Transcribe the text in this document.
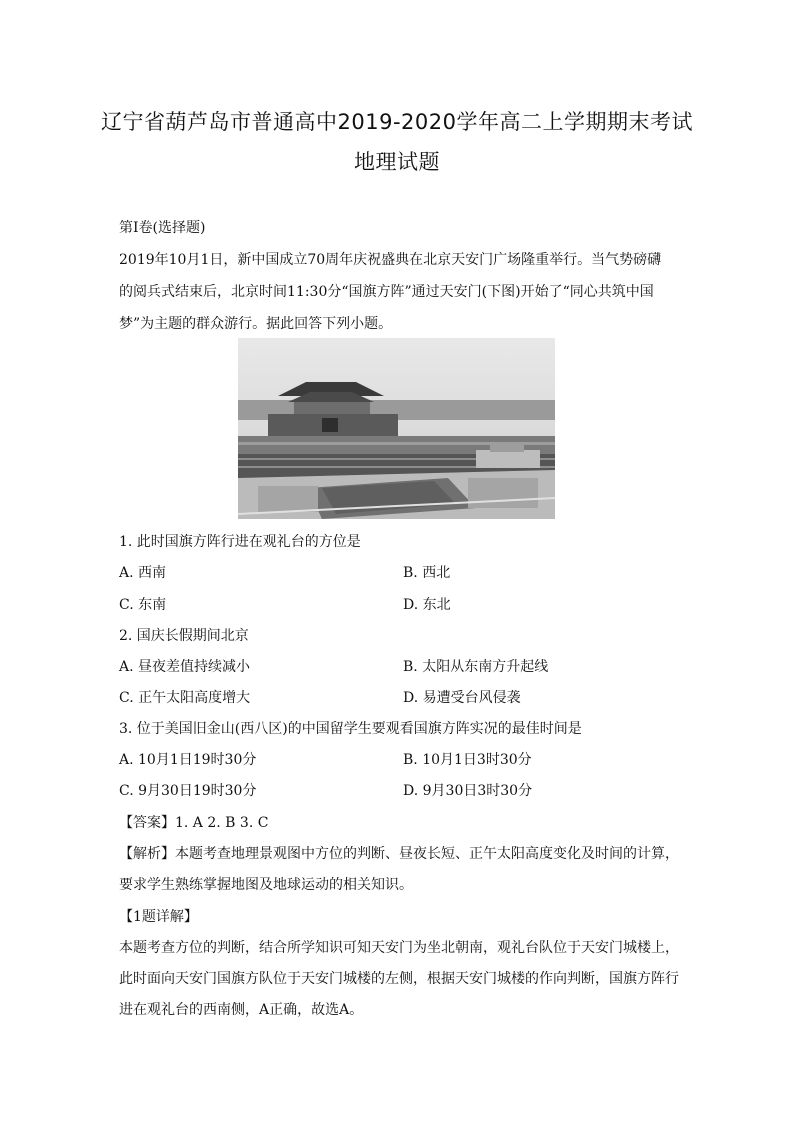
辽宁省葫芦岛市普通高中2019-2020学年高二上学期期末考试
地理试题
第Ⅰ卷(选择题)
2019年10月1日，新中国成立70周年庆祝盛典在北京天安门广场隆重举行。当气势磅礴
的阅兵式结束后，北京时间11:30分“国旗方阵”通过天安门(下图)开始了“同心共筑中国
梦”为主题的群众游行。据此回答下列小题。
1. 此时国旗方阵行进在观礼台的方位是
A. 西南	B. 西北
C. 东南	D. 东北
2. 国庆长假期间北京
A. 昼夜差值持续减小	B. 太阳从东南方升起线
C. 正午太阳高度增大	D. 易遭受台风侵袭
3. 位于美国旧金山(西八区)的中国留学生要观看国旗方阵实况的最佳时间是
A. 10月1日19时30分	B. 10月1日3时30分
C. 9月30日19时30分	D. 9月30日3时30分
【答案】1. A 2. B 3. C
【解析】本题考查地理景观图中方位的判断、昼夜长短、正午太阳高度变化及时间的计算，
要求学生熟练掌握地图及地球运动的相关知识。
【1题详解】
本题考查方位的判断，结合所学知识可知天安门为坐北朝南，观礼台队位于天安门城楼上，
此时面向天安门国旗方队位于天安门城楼的左侧，根据天安门城楼的作向判断，国旗方阵行
进在观礼台的西南侧，A正确，故选A。
